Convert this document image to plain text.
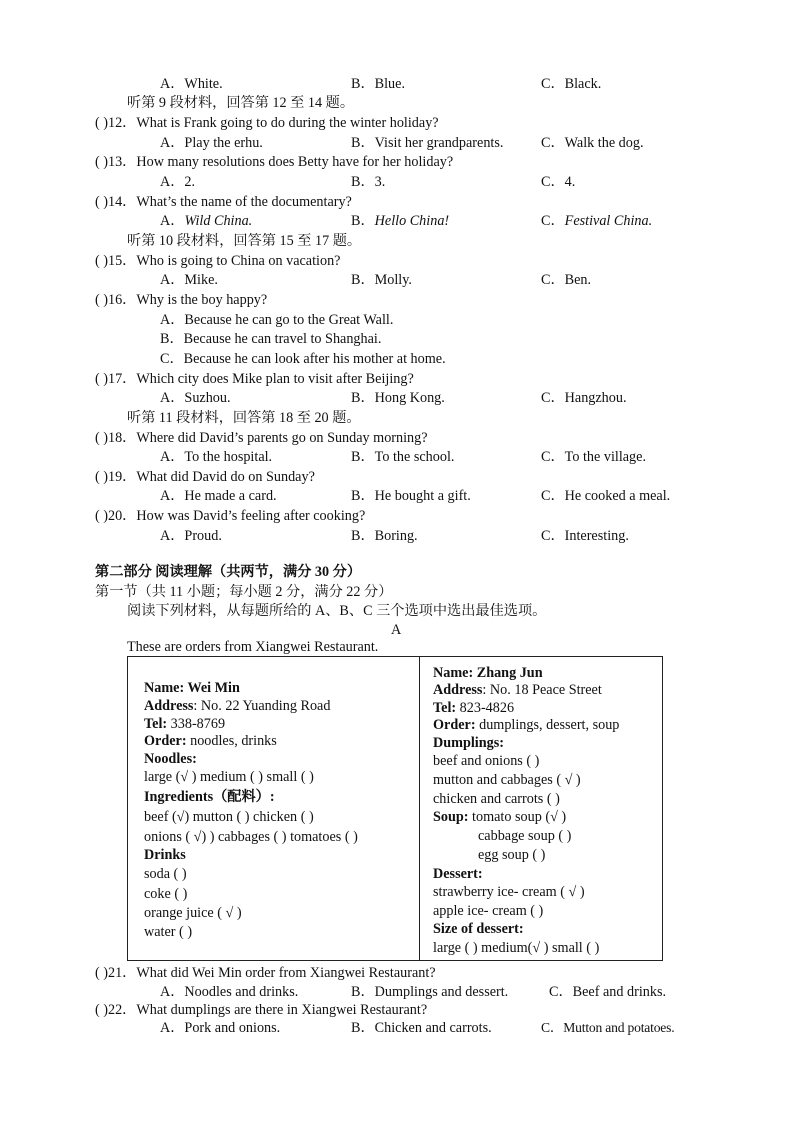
A．White.	B．Blue.	C．Black.
听第 9 段材料，回答第 12 至 14 题。
( )12．What is Frank going to do during the winter holiday?
A．Play the erhu.	B．Visit her grandparents.	C．Walk the dog.
( )13．How many resolutions does Betty have for her holiday?
A．2.	B．3.	C．4.
( )14．What’s the name of the documentary?
A．Wild China.	B．Hello China!	C．Festival China.
听第 10 段材料，回答第 15 至 17 题。
( )15．Who is going to China on vacation?
A．Mike.	B．Molly.	C．Ben.
( )16．Why is the boy happy?
A．Because he can go to the Great Wall.
B．Because he can travel to Shanghai.
C．Because he can look after his mother at home.
( )17．Which city does Mike plan to visit after Beijing?
A．Suzhou.	B．Hong Kong.	C．Hangzhou.
听第 11 段材料，回答第 18 至 20 题。
( )18．Where did David’s parents go on Sunday morning?
A．To the hospital.	B．To the school.	C．To the village.
( )19．What did David do on Sunday?
A．He made a card.	B．He bought a gift.	C．He cooked a meal.
( )20．How was David’s feeling after cooking?
A．Proud.	B．Boring.	C．Interesting.
第二部分 阅读理解（共两节，满分 30 分）
第一节（共 11 小题；每小题 2 分，满分 22 分）
阅读下列材料，从每题所给的 A、B、C 三个选项中选出最佳选项。
A
These are orders from Xiangwei Restaurant.
Name: Wei Min
Address: No. 22 Yuanding Road
Tel: 338-8769
Order: noodles, drinks
Noodles:
large (√ ) medium ( ) small ( )
Ingredients（配料）:
beef (√) mutton ( ) chicken ( )
onions ( √) ) cabbages ( ) tomatoes ( )
Drinks
soda ( )
coke ( )
orange juice ( √ )
water ( )
Name: Zhang Jun
Address: No. 18 Peace Street
Tel: 823-4826
Order: dumplings, dessert, soup
Dumplings:
beef and onions ( )
mutton and cabbages ( √ )
chicken and carrots ( )
Soup: tomato soup (√ )
cabbage soup ( )
egg soup ( )
Dessert:
strawberry ice- cream ( √ )
apple ice- cream ( )
Size of dessert:
large ( ) medium(√ ) small ( )
( )21．What did Wei Min order from Xiangwei Restaurant?
A．Noodles and drinks.	B．Dumplings and dessert.	C．Beef and drinks.
( )22．What dumplings are there in Xiangwei Restaurant?
A．Pork and onions.	B．Chicken and carrots.	C．Mutton and potatoes.
